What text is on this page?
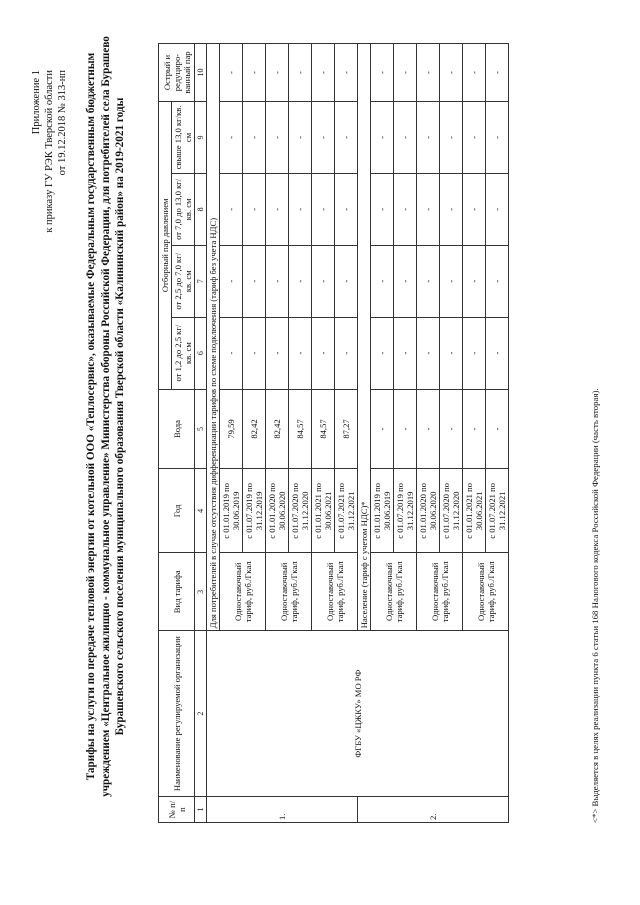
Приложение 1 к приказу ГУ РЭК Тверской области от 19.12.2018 № 313-нп Тарифы на услуги по передаче тепловой энергии от котельной ООО «Теплосервис», оказываемые Федеральным государственным бюджетным учреждением «Центральное жилищно - коммунальное управление» Министерства обороны Российской Федерации, для потребителей села Бурашево Бурашевского сельского поселения муниципального образования Тверской области «Калининский район» на 2019-2021 годы
№ п/п	Наименование регулируемой организации	Вид тарифа	Год	Вода	Отборный пар давлением				Острый и редуциро-ванный пар
					от 1,2 до 2,5 кг/кв. см	от 2,5 до 7,0 кг/кв. см	от 7,0 до 13,0 кг/кв. см	свыше 13,0 кг/кв. см	
1	2	3	4	5	6	7	8	9	10
1.	ФГБУ «ЦЖКУ» МО РФ	Для потребителей в случае отсутствия дифференциации тарифов по схеме подключения (тариф без учета НДС)							
		Одноставочный тариф, руб./Гкал	с 01.01.2019 по 30.06.2019	79,59	-	-	-	-	-
			с 01.07.2019 по 31.12.2019	82,42	-	-	-	-	-
		Одноставочный тариф, руб./Гкал	с 01.01.2020 по 30.06.2020	82,42	-	-	-	-	-
			с 01.07.2020 по 31.12.2020	84,57	-	-	-	-	-
		Одноставочный тариф, руб./Гкал	с 01.01.2021 по 30.06.2021	84,57	-	-	-	-	-
			с 01.07.2021 по 31.12.2021	87,27	-	-	-	-	-
2.		Население (тариф с учетом НДС)*							
		Одноставочный тариф, руб./Гкал	с 01.01.2019 по 30.06.2019	-	-	-	-	-	-
			с 01.07.2019 по 31.12.2019	-	-	-	-	-	-
		Одноставочный тариф, руб./Гкал	с 01.01.2020 по 30.06.2020	-	-	-	-	-	-
			с 01.07.2020 по 31.12.2020	-	-	-	-	-	-
		Одноставочный тариф, руб./Гкал	с 01.01.2021 по 30.06.2021	-	-	-	-	-	-
			с 01.07.2021 по 31.12.2021	-	-	-	-	-	-
<*> Выделяется в целях реализации пункта 6 статьи 168 Налогового кодекса Российской Федерации (часть вторая).
